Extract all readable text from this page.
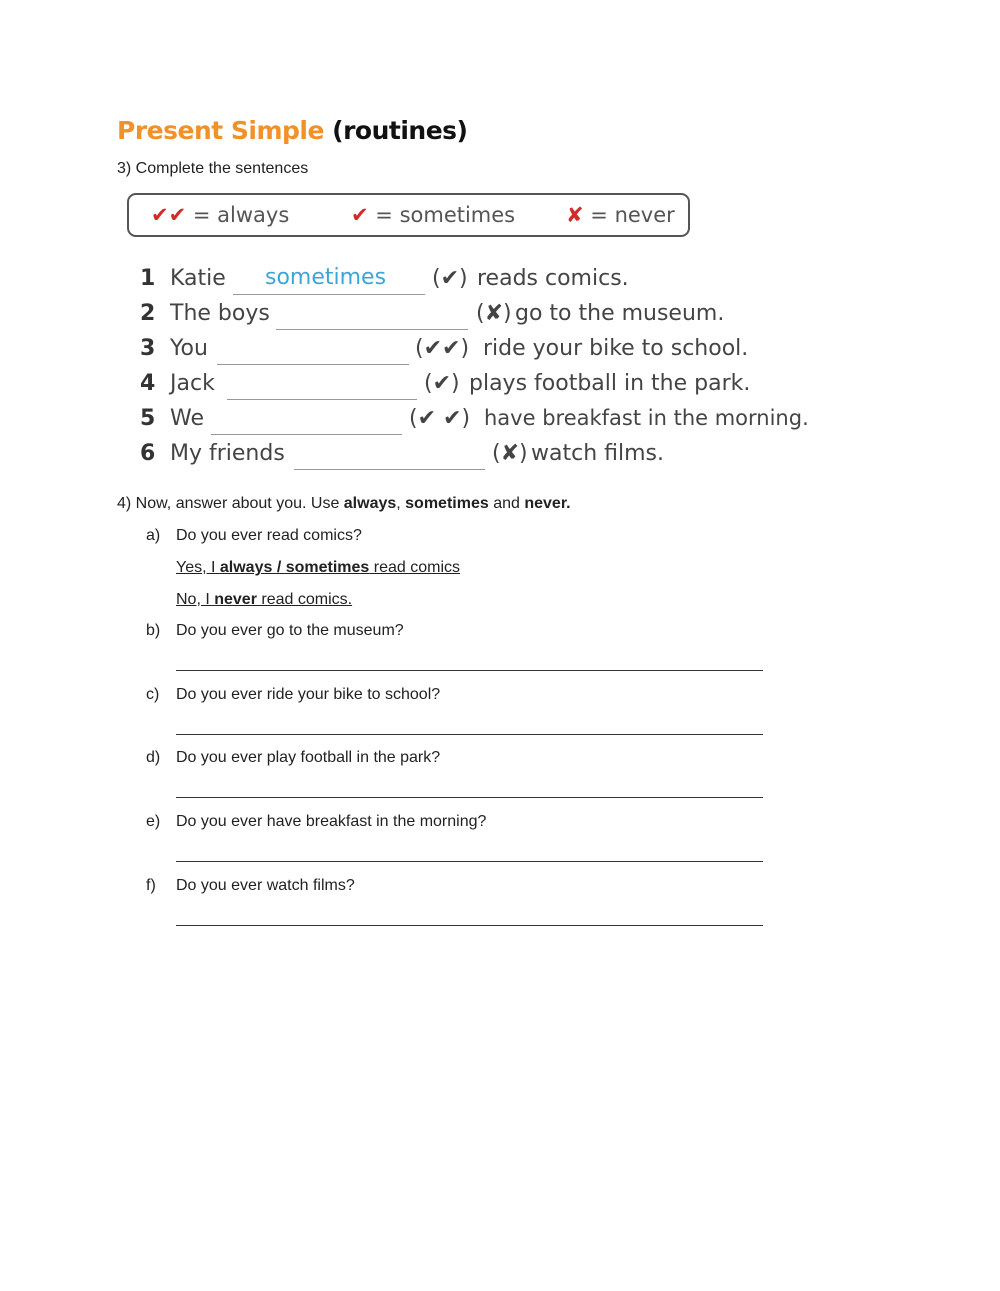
Present Simple (routines)
3) Complete the sentences
✔✔ = always	✔ = sometimes ✘ = never
1 Katie sometimes (✔) reads comics.
2 The boys	(✘) go to the museum.
3 You	(✔✔) ride your bike to school.
4 Jack	(✔) plays football in the park.
5 We	(✔ ✔) have breakfast in the morning.
6 My friends	(✘) watch films.
4) Now, answer about you. Use always, sometimes and never.
a) Do you ever read comics?
Yes, I always / sometimes read comics
No, I never read comics.
b) Do you ever go to the museum?
c) Do you ever ride your bike to school?
d) Do you ever play football in the park?
e) Do you ever have breakfast in the morning?
f) Do you ever watch films?
